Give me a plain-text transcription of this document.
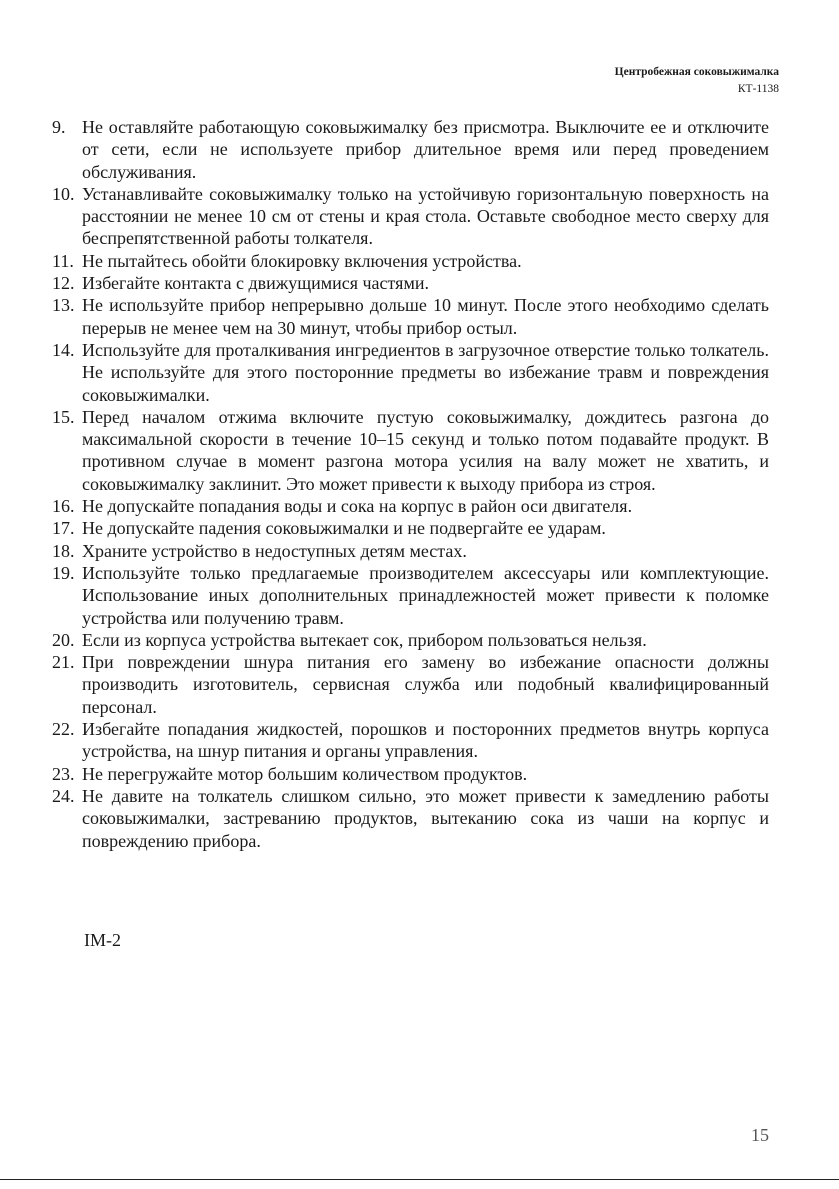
Центробежная соковыжималка
КТ-1138
9. Не оставляйте работающую соковыжималку без присмотра. Выключите ее и отключите от сети, если не используете прибор длительное время или перед проведением обслуживания.
10. Устанавливайте соковыжималку только на устойчивую горизонтальную поверхность на расстоянии не менее 10 см от стены и края стола. Оставьте свободное место сверху для беспрепятственной работы толкателя.
11. Не пытайтесь обойти блокировку включения устройства.
12. Избегайте контакта с движущимися частями.
13. Не используйте прибор непрерывно дольше 10 минут. После этого необходимо сделать перерыв не менее чем на 30 минут, чтобы прибор остыл.
14. Используйте для проталкивания ингредиентов в загрузочное отверстие только толкатель. Не используйте для этого посторонние предметы во избежание травм и повреждения соковыжималки.
15. Перед началом отжима включите пустую соковыжималку, дождитесь разгона до максимальной скорости в течение 10–15 секунд и только потом подавайте продукт. В противном случае в момент разгона мотора усилия на валу может не хватить, и соковыжималку заклинит. Это может привести к выходу прибора из строя.
16. Не допускайте попадания воды и сока на корпус в район оси двигателя.
17. Не допускайте падения соковыжималки и не подвергайте ее ударам.
18. Храните устройство в недоступных детям местах.
19. Используйте только предлагаемые производителем аксессуары или комплектующие. Использование иных дополнительных принадлежностей может привести к поломке устройства или получению травм.
20. Если из корпуса устройства вытекает сок, прибором пользоваться нельзя.
21. При повреждении шнура питания его замену во избежание опасности должны производить изготовитель, сервисная служба или подобный квалифицированный персонал.
22. Избегайте попадания жидкостей, порошков и посторонних предметов внутрь корпуса устройства, на шнур питания и органы управления.
23. Не перегружайте мотор большим количеством продуктов.
24. Не давите на толкатель слишком сильно, это может привести к замедлению работы соковыжималки, застреванию продуктов, вытеканию сока из чаши на корпус и повреждению прибора.
IM-2
15
